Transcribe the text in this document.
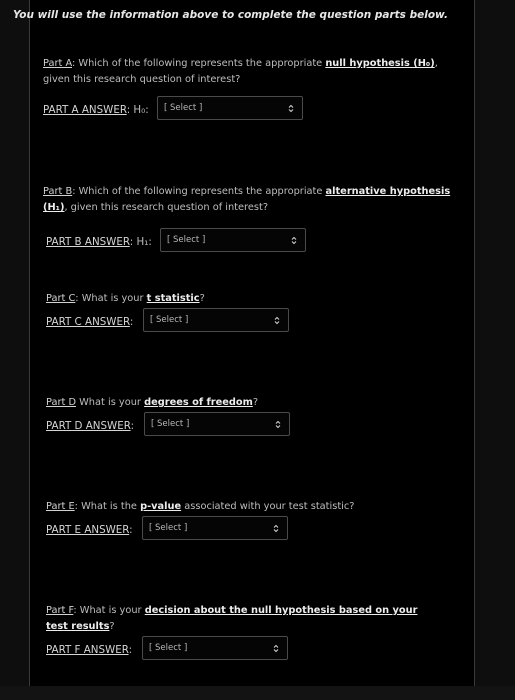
You will use the information above to complete the question parts below.
Part A: Which of the following represents the appropriate null hypothesis (H₀), given this research question of interest?
PART A ANSWER: H₀:	[ Select ]
Part B: Which of the following represents the appropriate alternative hypothesis (H₁), given this research question of interest?
PART B ANSWER: H₁:	[ Select ]
Part C: What is your t statistic?
PART C ANSWER:	[ Select ]
Part D What is your degrees of freedom?
PART D ANSWER:	[ Select ]
Part E: What is the p-value associated with your test statistic?
PART E ANSWER:	[ Select ]
Part F: What is your decision about the null hypothesis based on your test results?
PART F ANSWER:	[ Select ]
